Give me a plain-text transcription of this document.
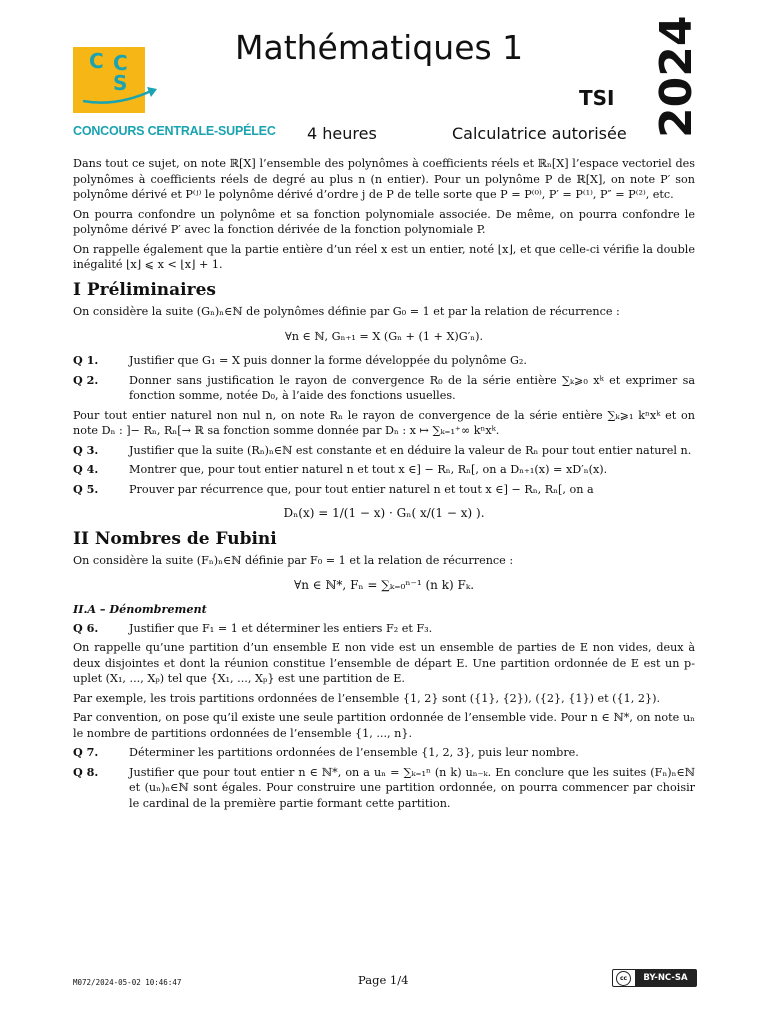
C C
S
CONCOURS CENTRALE-SUPÉLEC
Mathématiques 1
TSI 2024
4 heures	Calculatrice autorisée

Dans tout ce sujet, on note ℝ[X] l’ensemble des polynômes à coefficients réels et ℝₙ[X] l’espace vectoriel des polynômes à coefficients réels de degré au plus n (n entier). Pour un polynôme P de ℝ[X], on note P′ son polynôme dérivé et P⁽ʲ⁾ le polynôme dérivé d’ordre j de P de telle sorte que P = P⁽⁰⁾, P′ = P⁽¹⁾, P″ = P⁽²⁾, etc.

On pourra confondre un polynôme et sa fonction polynomiale associée. De même, on pourra confondre le polynôme dérivé P′ avec la fonction dérivée de la fonction polynomiale P.

On rappelle également que la partie entière d’un réel x est un entier, noté ⌊x⌋, et que celle-ci vérifie la double inégalité ⌊x⌋ ⩽ x < ⌊x⌋ + 1.

I Préliminaires

On considère la suite (Gₙ)ₙ∈ℕ de polynômes définie par G₀ = 1 et par la relation de récurrence :

∀n ∈ ℕ, Gₙ₊₁ = X (Gₙ + (1 + X)G′ₙ).
Q 1.	Justifier que G₁ = X puis donner la forme développée du polynôme G₂.
Q 2.	Donner sans justification le rayon de convergence R₀ de la série entière ∑ₖ⩾₀ xᵏ et exprimer sa fonction somme, notée D₀, à l’aide des fonctions usuelles.

Pour tout entier naturel non nul n, on note Rₙ le rayon de convergence de la série entière ∑ₖ⩾₁ kⁿxᵏ et on note Dₙ : ]− Rₙ, Rₙ[→ ℝ sa fonction somme donnée par Dₙ : x ↦ ∑ₖ₌₁⁺∞ kⁿxᵏ.

Q 3.	Justifier que la suite (Rₙ)ₙ∈ℕ est constante et en déduire la valeur de Rₙ pour tout entier naturel n.
Q 4.	Montrer que, pour tout entier naturel n et tout x ∈] − Rₙ, Rₙ[, on a Dₙ₊₁(x) = xD′ₙ(x).
Q 5.	Prouver par récurrence que, pour tout entier naturel n et tout x ∈] − Rₙ, Rₙ[, on a
Dₙ(x) = 1/(1 − x) · Gₙ( x/(1 − x) ).
II Nombres de Fubini

On considère la suite (Fₙ)ₙ∈ℕ définie par F₀ = 1 et la relation de récurrence :

∀n ∈ ℕ*, Fₙ = ∑ₖ₌₀ⁿ⁻¹ (n k) Fₖ.
II.A – Dénombrement
Q 6.	Justifier que F₁ = 1 et déterminer les entiers F₂ et F₃.

On rappelle qu’une partition d’un ensemble E non vide est un ensemble de parties de E non vides, deux à deux disjointes et dont la réunion constitue l’ensemble de départ E. Une partition ordonnée de E est un p-uplet (X₁, ..., Xₚ) tel que {X₁, ..., Xₚ} est une partition de E.

Par exemple, les trois partitions ordonnées de l’ensemble {1, 2} sont ({1}, {2}), ({2}, {1}) et ({1, 2}).

Par convention, on pose qu’il existe une seule partition ordonnée de l’ensemble vide. Pour n ∈ ℕ*, on note uₙ le nombre de partitions ordonnées de l’ensemble {1, ..., n}.

Q 7.	Déterminer les partitions ordonnées de l’ensemble {1, 2, 3}, puis leur nombre.
Q 8.	Justifier que pour tout entier n ∈ ℕ*, on a uₙ = ∑ₖ₌₁ⁿ (n k) uₙ₋ₖ. En conclure que les suites (Fₙ)ₙ∈ℕ et (uₙ)ₙ∈ℕ sont égales. Pour construire une partition ordonnée, on pourra commencer par choisir le cardinal de la première partie formant cette partition.
M072/2024-05-02 10:46:47	Page 1/4	cc	BY-NC-SA
